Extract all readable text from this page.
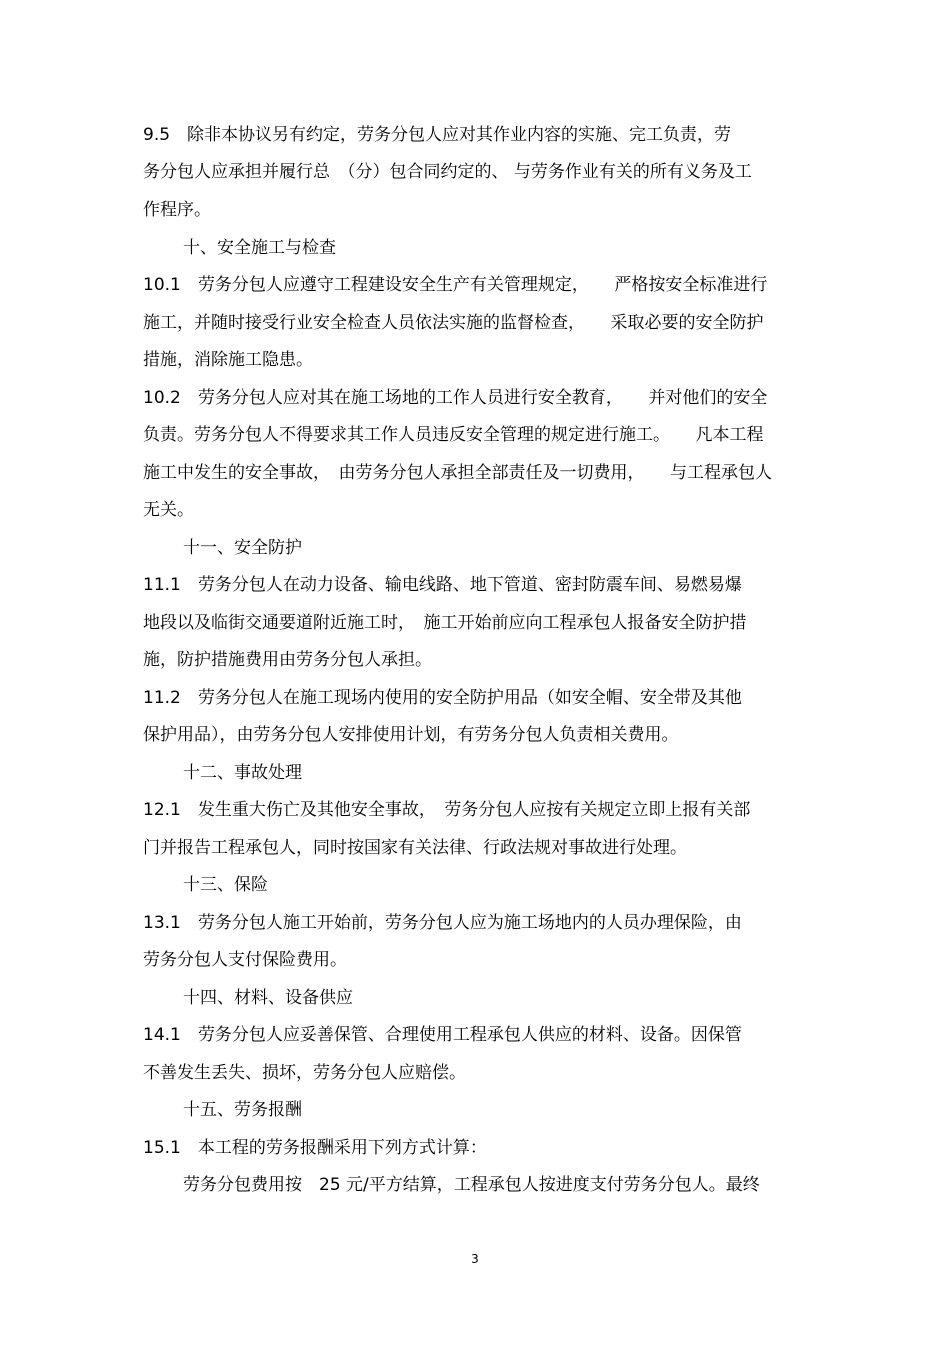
9.5　除非本协议另有约定，劳务分包人应对其作业内容的实施、完工负责，劳
务分包人应承担并履行总　（分）包合同约定的、 与劳务作业有关的所有义务及工
作程序。
十、安全施工与检查
10.1　劳务分包人应遵守工程建设安全生产有关管理规定，　　严格按安全标准进行
施工，并随时接受行业安全检查人员依法实施的监督检查，　　采取必要的安全防护
措施，消除施工隐患。
10.2　劳务分包人应对其在施工场地的工作人员进行安全教育，　　并对他们的安全
负责。劳务分包人不得要求其工作人员违反安全管理的规定进行施工。　　凡本工程
施工中发生的安全事故，　由劳务分包人承担全部责任及一切费用，　　与工程承包人
无关。
十一、安全防护
11.1　劳务分包人在动力设备、输电线路、地下管道、密封防震车间、易燃易爆
地段以及临街交通要道附近施工时，　施工开始前应向工程承包人报备安全防护措
施，防护措施费用由劳务分包人承担。
11.2　劳务分包人在施工现场内使用的安全防护用品（如安全帽、安全带及其他
保护用品），由劳务分包人安排使用计划，有劳务分包人负责相关费用。
十二、事故处理
12.1　发生重大伤亡及其他安全事故，　劳务分包人应按有关规定立即上报有关部
门并报告工程承包人，同时按国家有关法律、行政法规对事故进行处理。
十三、保险
13.1　劳务分包人施工开始前，劳务分包人应为施工场地内的人员办理保险，由
劳务分包人支付保险费用。
十四、材料、设备供应
14.1　劳务分包人应妥善保管、合理使用工程承包人供应的材料、设备。因保管
不善发生丢失、损坏，劳务分包人应赔偿。
十五、劳务报酬
15.1　本工程的劳务报酬采用下列方式计算：
劳务分包费用按　25 元/平方结算，工程承包人按进度支付劳务分包人。最终
3
